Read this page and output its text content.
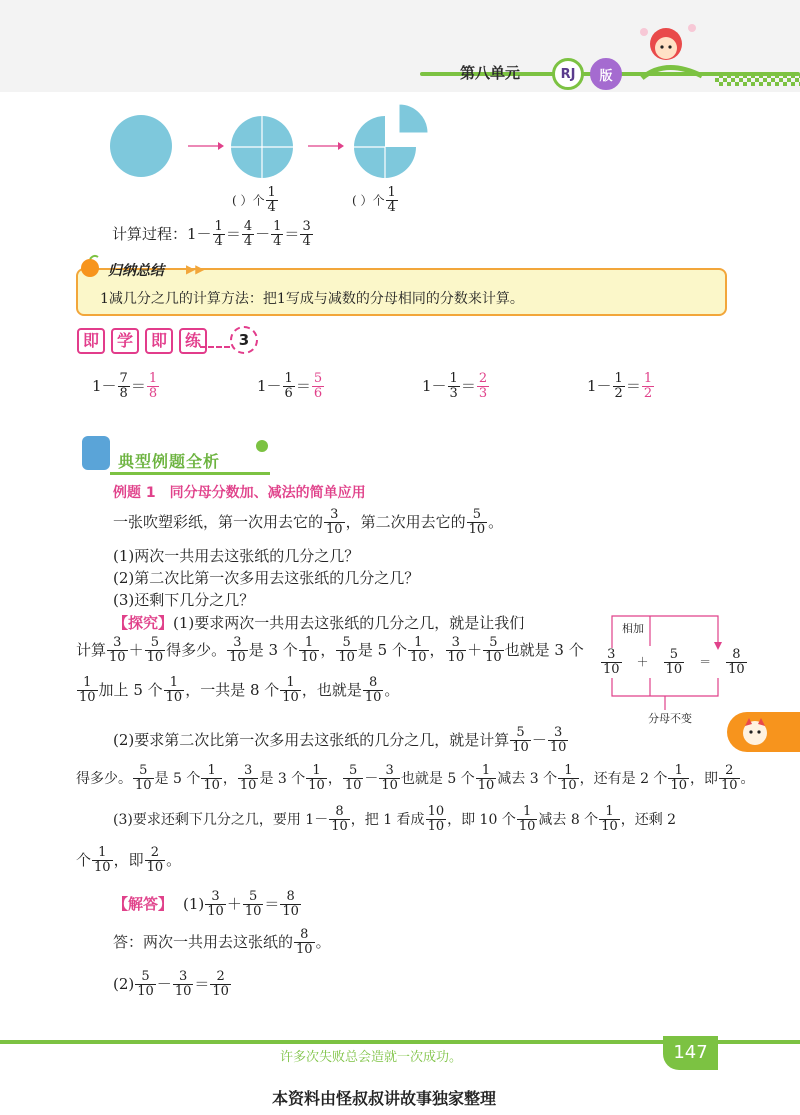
第八单元	RJ	版
( ）个 $\frac{1}{4}$	( ）个 $\frac{1}{4}$
计算过程：$1- \frac{1}{4} = \frac{4}{4} - \frac{1}{4} = \frac{3}{4}$
归纳总结 ▶▶
1减几分之几的计算方法：把1写成与减数的分母相同的分数来计算。
即 学 即 练	3
$1- \frac{7}{8} = \frac{1}{8}$	$1- \frac{1}{6} = \frac{5}{6}$	$1- \frac{1}{3} = \frac{2}{3}$	$1- \frac{1}{2} = \frac{1}{2}$
典型例题全析
例题 1　同分母分数加、减法的简单应用
一张吹塑彩纸，第一次用去它的 $\frac{3}{10}$ ，第二次用去它的 $\frac{5}{10}$ 。
(1)两次一共用去这张纸的几分之几？
(2)第二次比第一次多用去这张纸的几分之几？
(3)还剩下几分之几？
【探究】(1)要求两次一共用去这张纸的几分之几，就是让我们
计算 $\frac{3}{10} + \frac{5}{10}$ 得多少。 $\frac{3}{10}$ 是 3 个 $\frac{1}{10}$ ， $\frac{5}{10}$ 是 5 个 $\frac{1}{10}$ ， $\frac{3}{10} + \frac{5}{10}$ 也就是 3 个
$\frac{1}{10}$ 加上 5 个 $\frac{1}{10}$ ，一共是 8 个 $\frac{1}{10}$ ，也就是 $\frac{8}{10}$ 。
相加
$\frac{3}{10} + \frac{5}{10} = \frac{8}{10}$
分母不变
(2)要求第二次比第一次多用去这张纸的几分之几，就是计算 $\frac{5}{10} - \frac{3}{10}$
得多少。 $\frac{5}{10}$ 是 5 个 $\frac{1}{10}$ ， $\frac{3}{10}$ 是 3 个 $\frac{1}{10}$ ， $\frac{5}{10} - \frac{3}{10}$ 也就是 5 个 $\frac{1}{10}$ 减去 3 个 $\frac{1}{10}$ ，还有是 2 个 $\frac{1}{10}$ ，即 $\frac{2}{10}$ 。
(3)要求还剩下几分之几，要用 $1- \frac{8}{10}$ ，把 1 看成 $\frac{10}{10}$ ，即 10 个 $\frac{1}{10}$ 减去 8 个 $\frac{1}{10}$ ，还剩 2
个 $\frac{1}{10}$ ，即 $\frac{2}{10}$ 。
【解答】 $(1) \frac{3}{10} + \frac{5}{10} = \frac{8}{10}$
答：两次一共用去这张纸的 $\frac{8}{10}$ 。
$(2) \frac{5}{10} - \frac{3}{10} = \frac{2}{10}$
许多次失败总会造就一次成功。	147
本资料由怪叔叔讲故事独家整理
